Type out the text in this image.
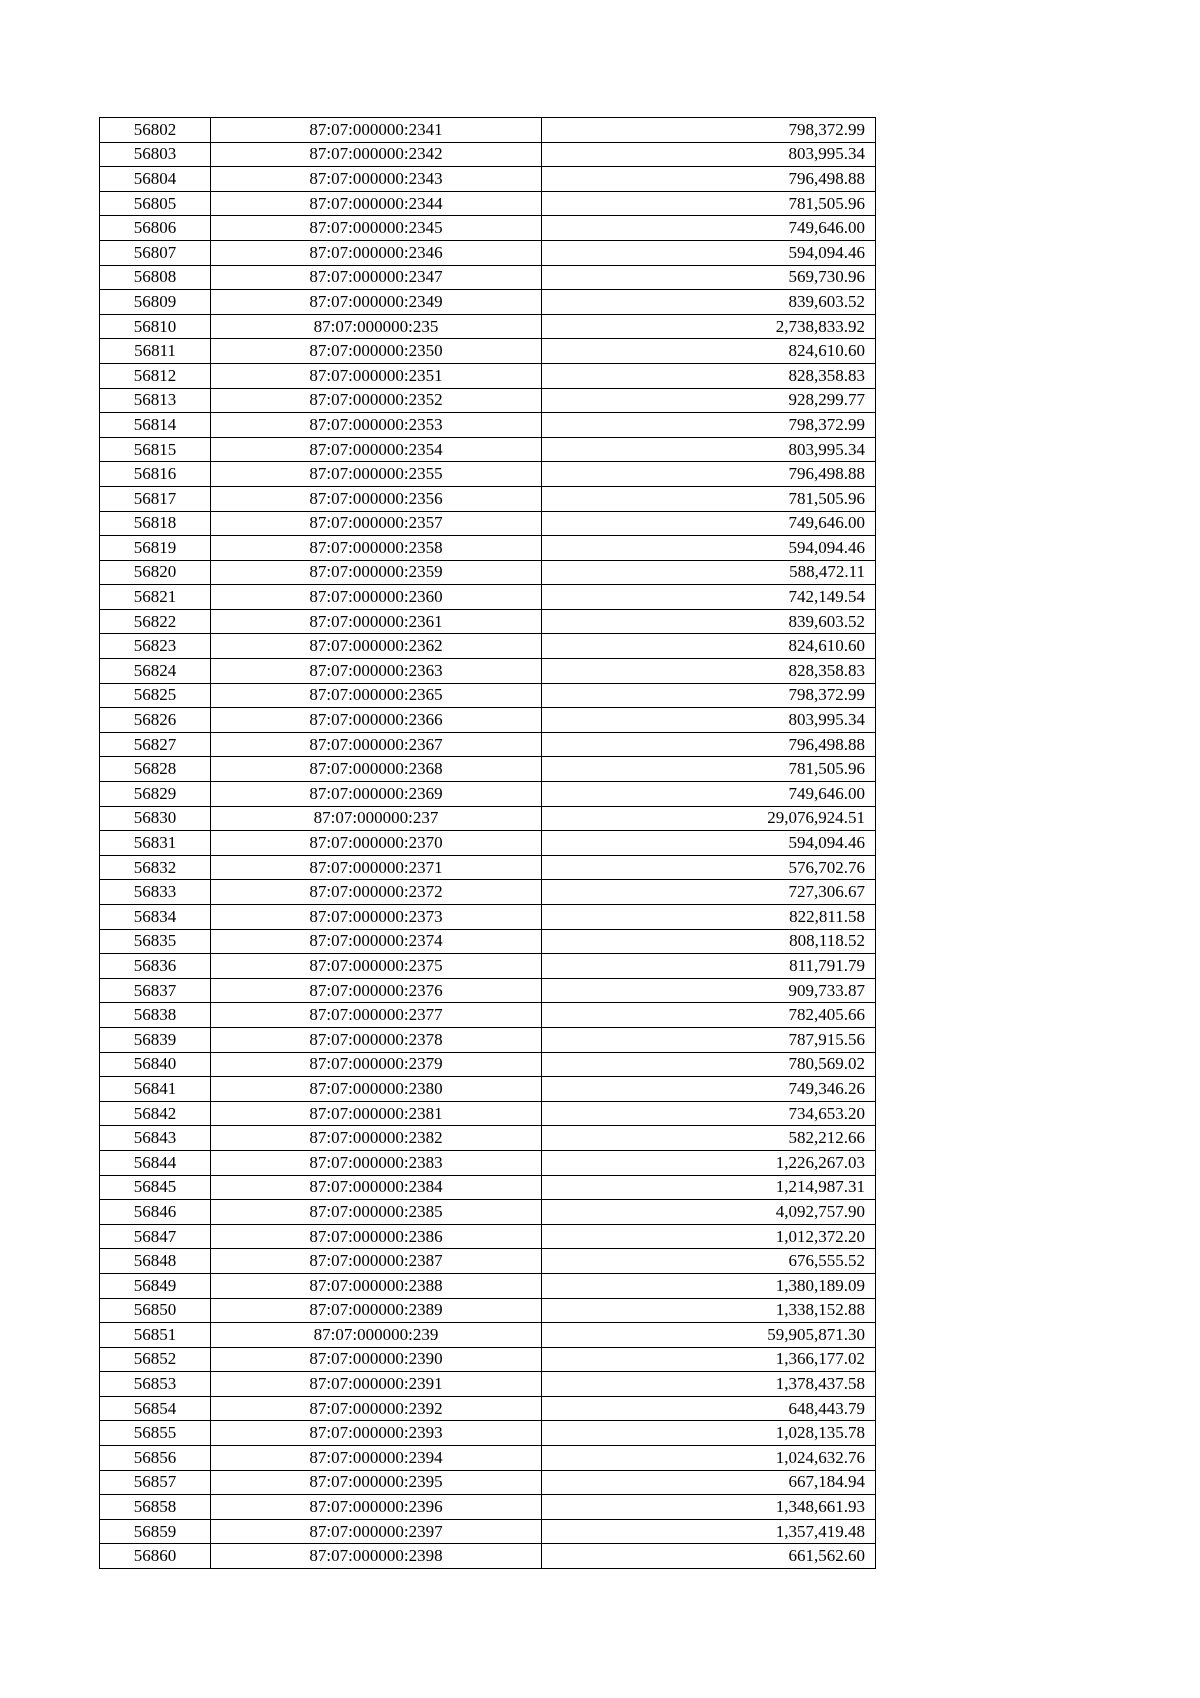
56802	87:07:000000:2341	798,372.99
56803	87:07:000000:2342	803,995.34
56804	87:07:000000:2343	796,498.88
56805	87:07:000000:2344	781,505.96
56806	87:07:000000:2345	749,646.00
56807	87:07:000000:2346	594,094.46
56808	87:07:000000:2347	569,730.96
56809	87:07:000000:2349	839,603.52
56810	87:07:000000:235	2,738,833.92
56811	87:07:000000:2350	824,610.60
56812	87:07:000000:2351	828,358.83
56813	87:07:000000:2352	928,299.77
56814	87:07:000000:2353	798,372.99
56815	87:07:000000:2354	803,995.34
56816	87:07:000000:2355	796,498.88
56817	87:07:000000:2356	781,505.96
56818	87:07:000000:2357	749,646.00
56819	87:07:000000:2358	594,094.46
56820	87:07:000000:2359	588,472.11
56821	87:07:000000:2360	742,149.54
56822	87:07:000000:2361	839,603.52
56823	87:07:000000:2362	824,610.60
56824	87:07:000000:2363	828,358.83
56825	87:07:000000:2365	798,372.99
56826	87:07:000000:2366	803,995.34
56827	87:07:000000:2367	796,498.88
56828	87:07:000000:2368	781,505.96
56829	87:07:000000:2369	749,646.00
56830	87:07:000000:237	29,076,924.51
56831	87:07:000000:2370	594,094.46
56832	87:07:000000:2371	576,702.76
56833	87:07:000000:2372	727,306.67
56834	87:07:000000:2373	822,811.58
56835	87:07:000000:2374	808,118.52
56836	87:07:000000:2375	811,791.79
56837	87:07:000000:2376	909,733.87
56838	87:07:000000:2377	782,405.66
56839	87:07:000000:2378	787,915.56
56840	87:07:000000:2379	780,569.02
56841	87:07:000000:2380	749,346.26
56842	87:07:000000:2381	734,653.20
56843	87:07:000000:2382	582,212.66
56844	87:07:000000:2383	1,226,267.03
56845	87:07:000000:2384	1,214,987.31
56846	87:07:000000:2385	4,092,757.90
56847	87:07:000000:2386	1,012,372.20
56848	87:07:000000:2387	676,555.52
56849	87:07:000000:2388	1,380,189.09
56850	87:07:000000:2389	1,338,152.88
56851	87:07:000000:239	59,905,871.30
56852	87:07:000000:2390	1,366,177.02
56853	87:07:000000:2391	1,378,437.58
56854	87:07:000000:2392	648,443.79
56855	87:07:000000:2393	1,028,135.78
56856	87:07:000000:2394	1,024,632.76
56857	87:07:000000:2395	667,184.94
56858	87:07:000000:2396	1,348,661.93
56859	87:07:000000:2397	1,357,419.48
56860	87:07:000000:2398	661,562.60
